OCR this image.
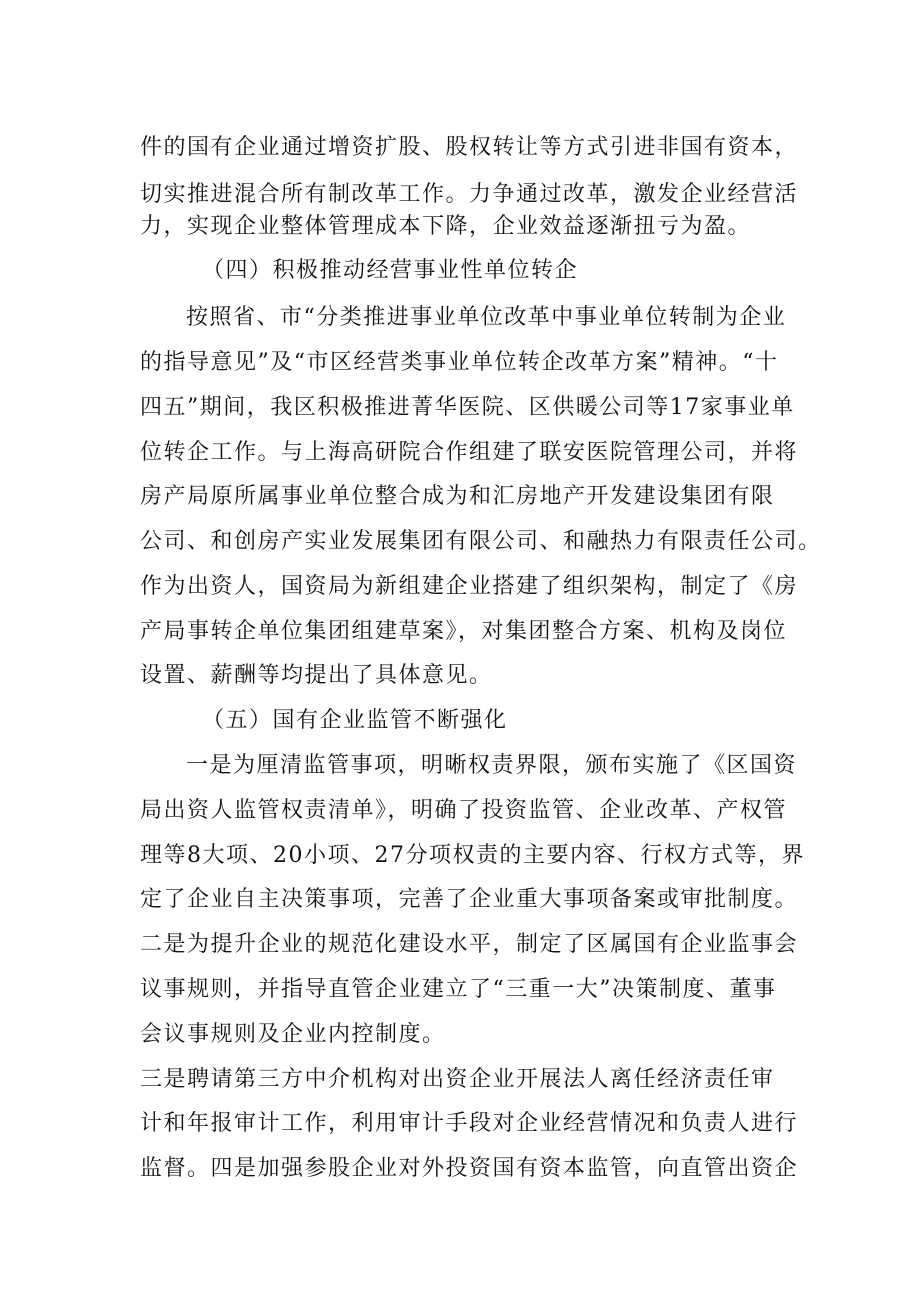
件的国有企业通过增资扩股、股权转让等方式引进非国有资本，
切实推进混合所有制改革工作。力争通过改革，激发企业经营活
力，实现企业整体管理成本下降，企业效益逐渐扭亏为盈。
（四）积极推动经营事业性单位转企
按照省、市“分类推进事业单位改革中事业单位转制为企业
的指导意见”及“市区经营类事业单位转企改革方案”精神。“十
四五”期间，我区积极推进菁华医院、区供暖公司等17家事业单
位转企工作。与上海高研院合作组建了联安医院管理公司，并将
房产局原所属事业单位整合成为和汇房地产开发建设集团有限
公司、和创房产实业发展集团有限公司、和融热力有限责任公司。
作为出资人，国资局为新组建企业搭建了组织架构，制定了《房
产局事转企单位集团组建草案》，对集团整合方案、机构及岗位
设置、薪酬等均提出了具体意见。
（五）国有企业监管不断强化
一是为厘清监管事项，明晰权责界限，颁布实施了《区国资
局出资人监管权责清单》，明确了投资监管、企业改革、产权管
理等8大项、20小项、27分项权责的主要内容、行权方式等，界
定了企业自主决策事项，完善了企业重大事项备案或审批制度。
二是为提升企业的规范化建设水平，制定了区属国有企业监事会
议事规则，并指导直管企业建立了“三重一大”决策制度、董事
会议事规则及企业内控制度。
三是聘请第三方中介机构对出资企业开展法人离任经济责任审
计和年报审计工作，利用审计手段对企业经营情况和负责人进行
监督。四是加强参股企业对外投资国有资本监管，向直管出资企
